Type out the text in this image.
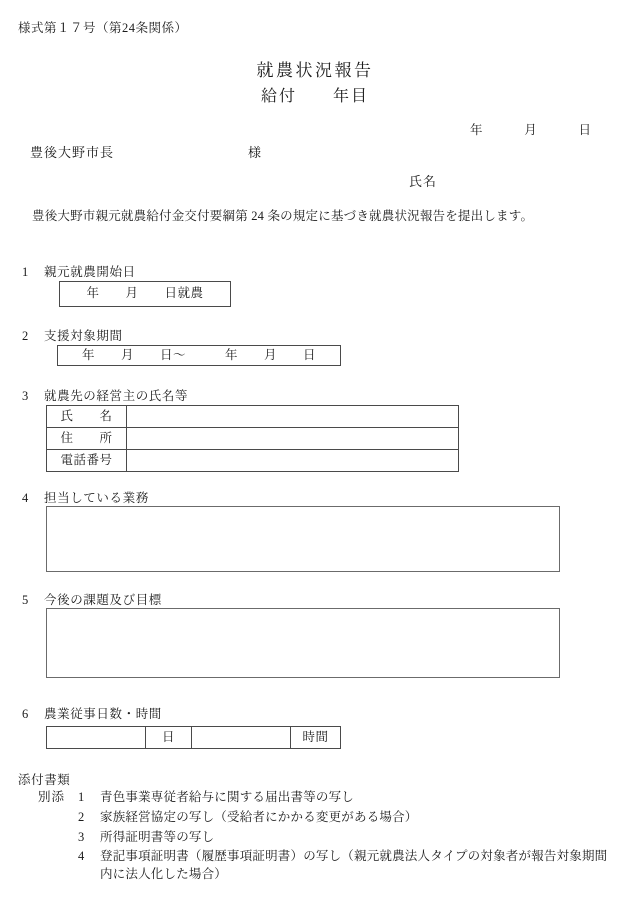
様式第１７号（第24条関係）
就農状況報告
給付　　年目
年	月	日
豊後大野市長	様
氏名
豊後大野市親元就農給付金交付要綱第 24 条の規定に基づき就農状況報告を提出します。
1 親元就農開始日
年　　月　　日就農
2 支援対象期間
年　　月　　日～　　　年　　月　　日
3 就農先の経営主の氏名等
氏　　名	
住　　所	
電話番号	
4 担当している業務
5 今後の課題及び目標
6 農業従事日数・時間
	日		時間
添付書類
別添	1	青色事業専従者給与に関する届出書等の写し
2	家族経営協定の写し（受給者にかかる変更がある場合）
3	所得証明書等の写し
4	登記事項証明書（履歴事項証明書）の写し（親元就農法人タイプの対象者が報告対象期間内に法人化した場合）
